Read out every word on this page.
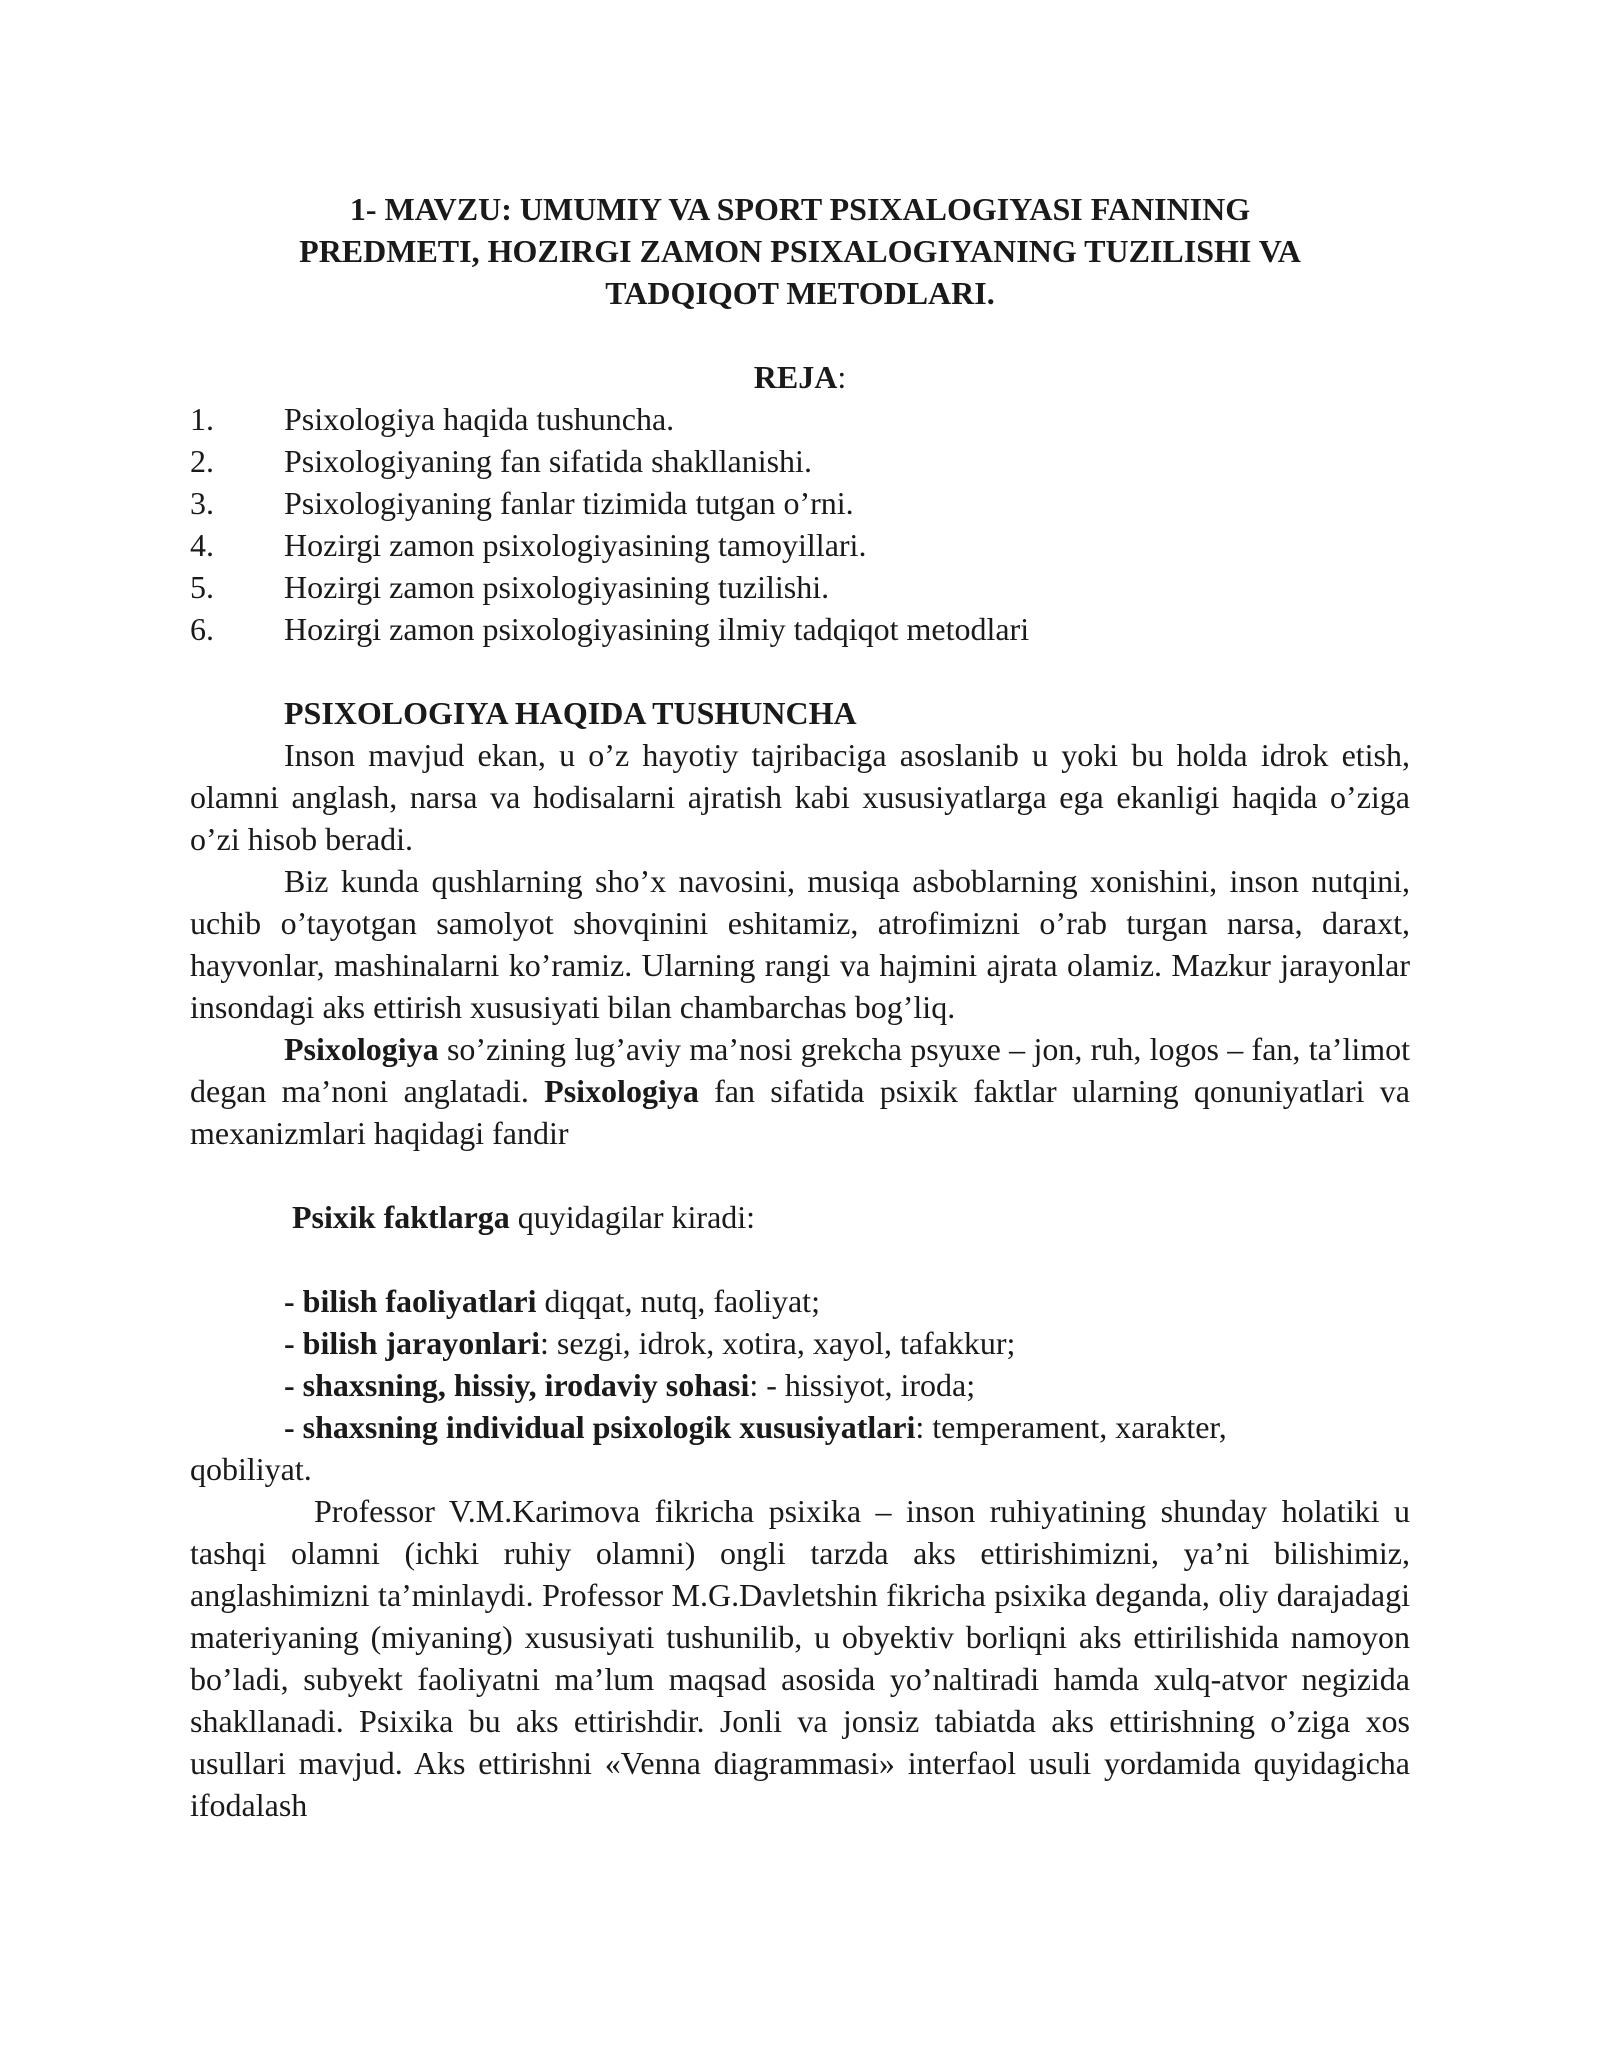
1- MAVZU: UMUMIY VA SPORT PSIXALOGIYASI FANINING
PREDMETI, HOZIRGI ZAMON PSIXALOGIYANING TUZILISHI VA
TADQIQOT METODLARI.
REJA:
1.	Psixologiya haqida tushuncha.
2.	Psixologiyaning fan sifatida shakllanishi.
3.	Psixologiyaning fanlar tizimida tutgan o’rni.
4.	Hozirgi zamon psixologiyasining tamoyillari.
5.	Hozirgi zamon psixologiyasining tuzilishi.
6.	Hozirgi zamon psixologiyasining ilmiy tadqiqot metodlari
PSIXOLOGIYA HAQIDA TUSHUNCHA

Inson mavjud ekan, u o’z hayotiy tajribaciga asoslanib u yoki bu holda idrok etish, olamni anglash, narsa va hodisalarni ajratish kabi xususiyatlarga ega ekanligi haqida o’ziga o’zi hisob beradi.

Biz kunda qushlarning sho’x navosini, musiqa asboblarning xonishini, inson nutqini, uchib o’tayotgan samolyot shovqinini eshitamiz, atrofimizni o’rab turgan narsa, daraxt, hayvonlar, mashinalarni ko’ramiz. Ularning rangi va hajmini ajrata olamiz. Mazkur jarayonlar insondagi aks ettirish xususiyati bilan chambarchas bog’liq.

Psixologiya so’zining lug’aviy ma’nosi grekcha psyuxe – jon, ruh, logos – fan, ta’limot degan ma’noni anglatadi. Psixologiya fan sifatida psixik faktlar ularning qonuniyatlari va mexanizmlari haqidagi fandir

Psixik faktlarga quyidagilar kiradi:

- bilish faoliyatlari diqqat, nutq, faoliyat;

- bilish jarayonlari: sezgi, idrok, xotira, xayol, tafakkur;

- shaxsning, hissiy, irodaviy sohasi: - hissiyot, iroda;

- shaxsning individual psixologik xususiyatlari: temperament, xarakter,

qobiliyat.

Professor V.M.Karimova fikricha psixika – inson ruhiyatining shunday holatiki u tashqi olamni (ichki ruhiy olamni) ongli tarzda aks ettirishimizni, ya’ni bilishimiz, anglashimizni ta’minlaydi. Professor M.G.Davletshin fikricha psixika deganda, oliy darajadagi materiyaning (miyaning) xususiyati tushunilib, u obyektiv borliqni aks ettirilishida namoyon bo’ladi, subyekt faoliyatni ma’lum maqsad asosida yo’naltiradi hamda xulq-atvor negizida shakllanadi. Psixika bu aks ettirishdir. Jonli va jonsiz tabiatda aks ettirishning o’ziga xos usullari mavjud. Aks ettirishni «Venna diagrammasi» interfaol usuli yordamida quyidagicha ifodalash
